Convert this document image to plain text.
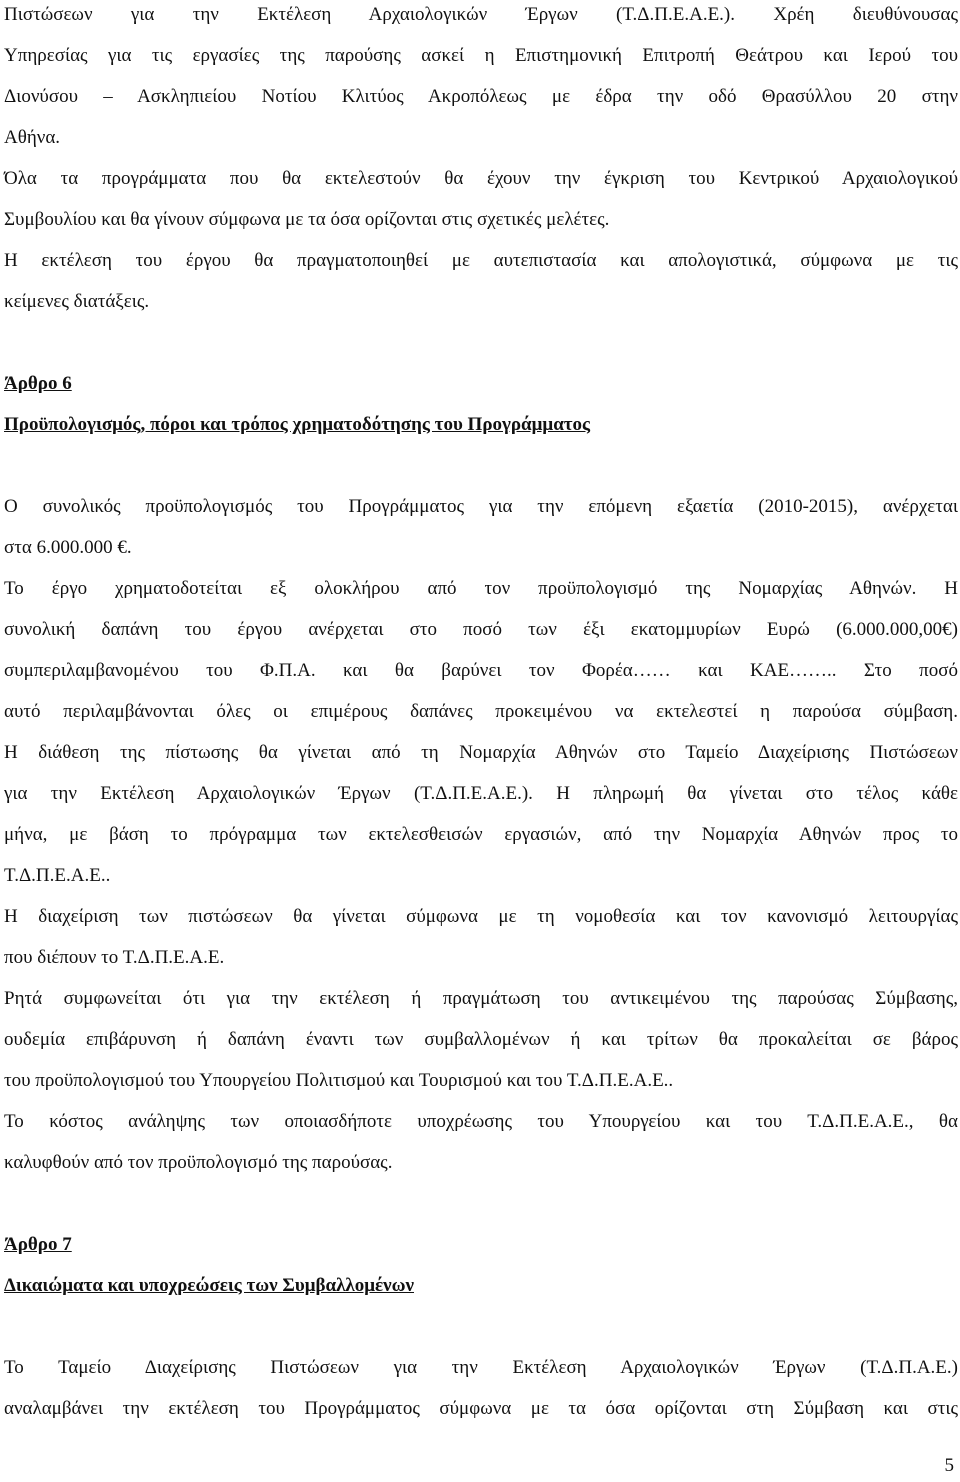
Πιστώσεων για την Εκτέλεση Αρχαιολογικών Έργων (Τ.Δ.Π.Ε.Α.Ε.). Χρέη διευθύνουσας
Υπηρεσίας για τις εργασίες της παρούσης ασκεί η Επιστημονική Επιτροπή Θεάτρου και Ιερού του
Διονύσου – Ασκληπιείου Νοτίου Κλιτύος Ακροπόλεως με έδρα την οδό Θρασύλλου 20 στην
Αθήνα.
Όλα τα προγράμματα που θα εκτελεστούν θα έχουν την έγκριση του Κεντρικού Αρχαιολογικού
Συμβουλίου και θα γίνουν σύμφωνα με τα όσα ορίζονται στις σχετικές μελέτες.
Η εκτέλεση του έργου θα πραγματοποιηθεί με αυτεπιστασία και απολογιστικά, σύμφωνα με τις
κείμενες διατάξεις.
Άρθρο 6
Προϋπολογισμός, πόροι και τρόπος χρηματοδότησης του Προγράμματος
Ο συνολικός προϋπολογισμός του Προγράμματος για την επόμενη εξαετία (2010-2015), ανέρχεται
στα 6.000.000 €.
Το έργο χρηματοδοτείται εξ ολοκλήρου από τον προϋπολογισμό της Νομαρχίας Αθηνών. Η
συνολική δαπάνη του έργου ανέρχεται στο ποσό των έξι εκατομμυρίων Ευρώ (6.000.000,00€)
συμπεριλαμβανομένου του Φ.Π.Α. και θα βαρύνει τον Φορέα…… και ΚΑΕ…….. Στο ποσό
αυτό περιλαμβάνονται όλες οι επιμέρους δαπάνες προκειμένου να εκτελεστεί η παρούσα σύμβαση.
Η διάθεση της πίστωσης θα γίνεται από τη Νομαρχία Αθηνών στο Ταμείο Διαχείρισης Πιστώσεων
για την Εκτέλεση Αρχαιολογικών Έργων (Τ.Δ.Π.Ε.Α.Ε.). Η πληρωμή θα γίνεται στο τέλος κάθε
μήνα, με βάση το πρόγραμμα των εκτελεσθεισών εργασιών, από την Νομαρχία Αθηνών προς το
Τ.Δ.Π.Ε.Α.Ε..
Η διαχείριση των πιστώσεων θα γίνεται σύμφωνα με τη νομοθεσία και τον κανονισμό λειτουργίας
που διέπουν το Τ.Δ.Π.Ε.Α.Ε.
Ρητά συμφωνείται ότι για την εκτέλεση ή πραγμάτωση του αντικειμένου της παρούσας Σύμβασης,
ουδεμία επιβάρυνση ή δαπάνη έναντι των συμβαλλομένων ή και τρίτων θα προκαλείται σε βάρος
του προϋπολογισμού του Υπουργείου Πολιτισμού και Τουρισμού και του Τ.Δ.Π.Ε.Α.Ε..
Το κόστος ανάληψης των οποιασδήποτε υποχρέωσης του Υπουργείου και του Τ.Δ.Π.Ε.Α.Ε., θα
καλυφθούν από τον προϋπολογισμό της παρούσας.
Άρθρο 7
Δικαιώματα και υποχρεώσεις των Συμβαλλομένων
Το Ταμείο Διαχείρισης Πιστώσεων για την Εκτέλεση Αρχαιολογικών Έργων (Τ.Δ.Π.Α.Ε.)
αναλαμβάνει την εκτέλεση του Προγράμματος σύμφωνα με τα όσα ορίζονται στη Σύμβαση και στις
5
